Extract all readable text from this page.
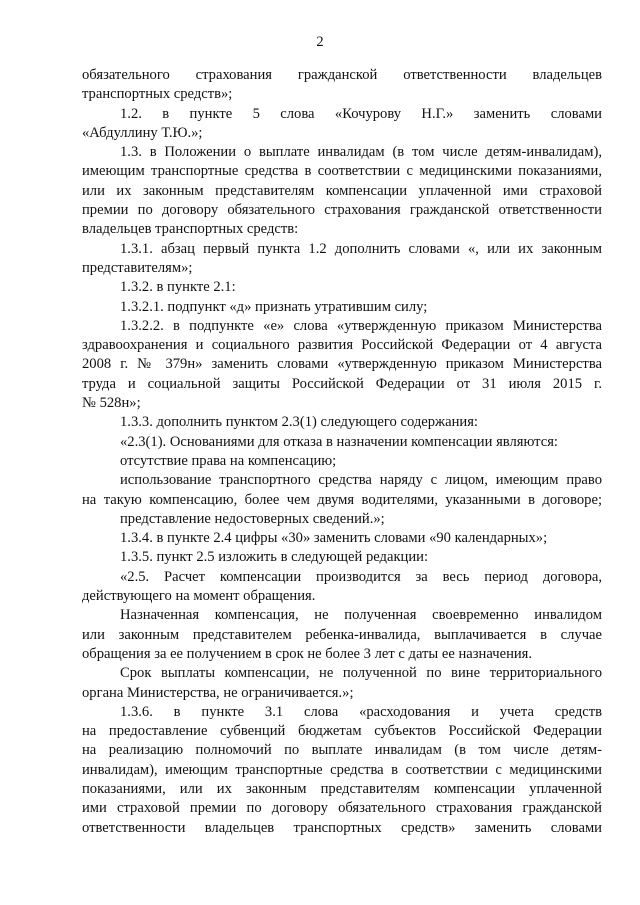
2
обязательного страхования гражданской ответственности владельцев
транспортных средств»;
1.2. в пункте 5 слова «Кочурову Н.Г.» заменить словами
«Абдуллину Т.Ю.»;
1.3. в Положении о выплате инвалидам (в том числе детям-инвалидам),
имеющим транспортные средства в соответствии с медицинскими показаниями,
или их законным представителям компенсации уплаченной ими страховой
премии по договору обязательного страхования гражданской ответственности
владельцев транспортных средств:
1.3.1. абзац первый пункта 1.2 дополнить словами «, или их законным
представителям»;
1.3.2. в пункте 2.1:
1.3.2.1. подпункт «д» признать утратившим силу;
1.3.2.2. в подпункте «е» слова «утвержденную приказом Министерства
здравоохранения и социального развития Российской Федерации от 4 августа
2008 г. № 379н» заменить словами «утвержденную приказом Министерства
труда и социальной защиты Российской Федерации от 31 июля 2015 г.
№ 528н»;
1.3.3. дополнить пунктом 2.3(1) следующего содержания:
«2.3(1). Основаниями для отказа в назначении компенсации являются:
отсутствие права на компенсацию;
использование транспортного средства наряду с лицом, имеющим право
на такую компенсацию, более чем двумя водителями, указанными в договоре;
представление недостоверных сведений.»;
1.3.4. в пункте 2.4 цифры «30» заменить словами «90 календарных»;
1.3.5. пункт 2.5 изложить в следующей редакции:
«2.5. Расчет компенсации производится за весь период договора,
действующего на момент обращения.
Назначенная компенсация, не полученная своевременно инвалидом
или законным представителем ребенка-инвалида, выплачивается в случае
обращения за ее получением в срок не более 3 лет с даты ее назначения.
Срок выплаты компенсации, не полученной по вине территориального
органа Министерства, не ограничивается.»;
1.3.6. в пункте 3.1 слова «расходования и учета средств
на предоставление субвенций бюджетам субъектов Российской Федерации
на реализацию полномочий по выплате инвалидам (в том числе детям-
инвалидам), имеющим транспортные средства в соответствии с медицинскими
показаниями, или их законным представителям компенсации уплаченной
ими страховой премии по договору обязательного страхования гражданской
ответственности владельцев транспортных средств» заменить словами
